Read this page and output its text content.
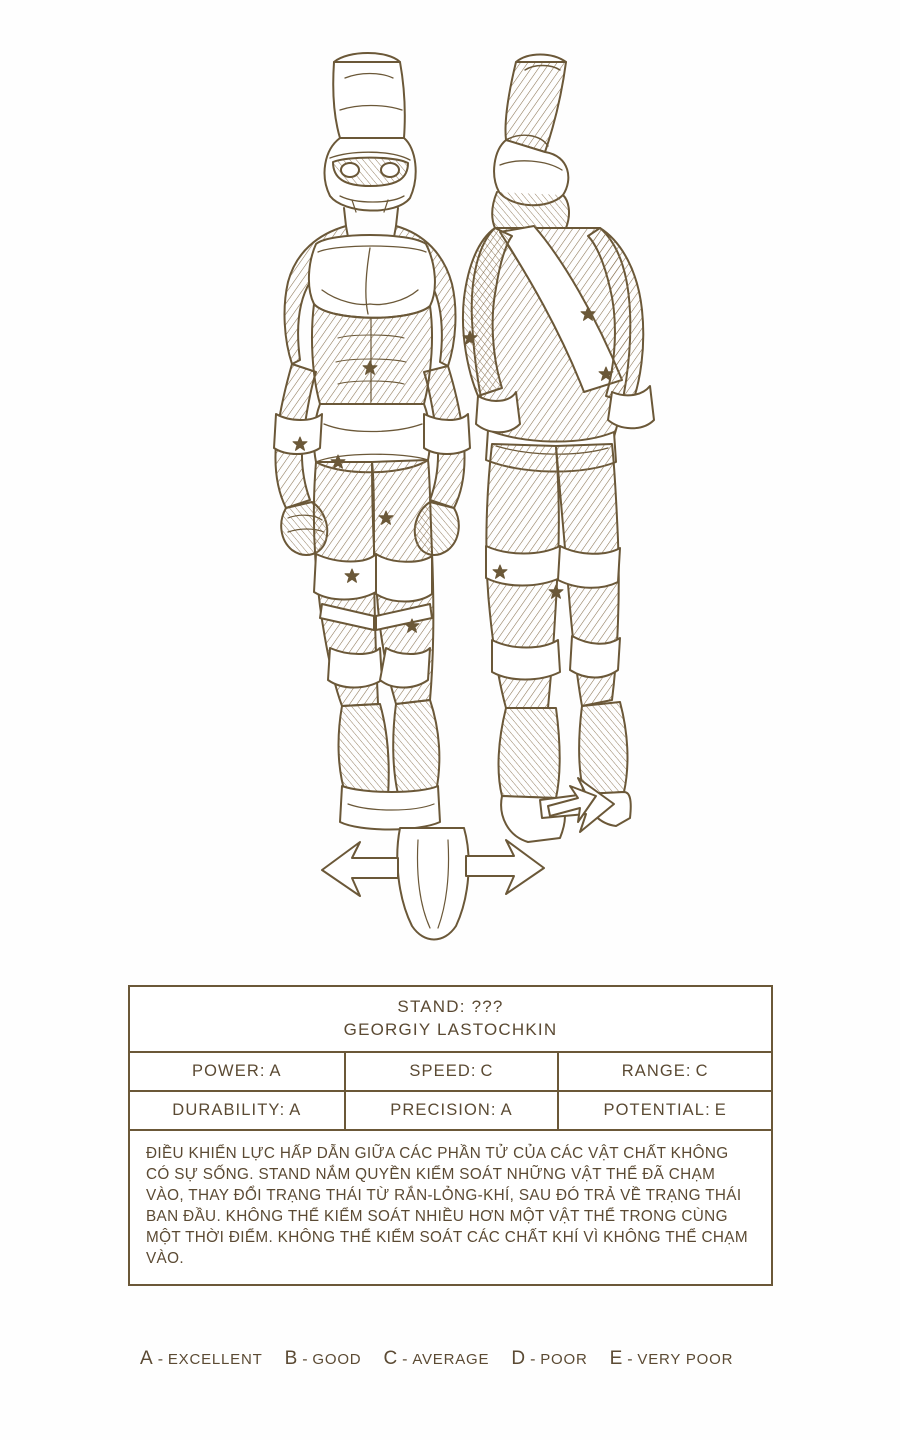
STAND: ???
GEORGIY LASTOCHKIN
POWER: A	SPEED: C	RANGE: C
DURABILITY: A	PRECISION: A	POTENTIAL: E

ĐIỀU KHIỂN LỰC HẤP DẪN GIỮA CÁC PHẦN TỬ CỦA CÁC VẬT CHẤT KHÔNG CÓ SỰ SỐNG. STAND NẮM QUYỀN KIỂM SOÁT NHỮNG VẬT THỂ ĐÃ CHẠM VÀO, THAY ĐỔI TRẠNG THÁI TỪ RẮN-LỎNG-KHÍ, SAU ĐÓ TRẢ VỀ TRẠNG THÁI BAN ĐẦU. KHÔNG THỂ KIỂM SOÁT NHIỀU HƠN MỘT VẬT THỂ TRONG CÙNG MỘT THỜI ĐIỂM. KHÔNG THỂ KIỂM SOÁT CÁC CHẤT KHÍ VÌ KHÔNG THỂ CHẠM VÀO.

A - EXCELLENT B - GOOD C - AVERAGE D - POOR E - VERY POOR
